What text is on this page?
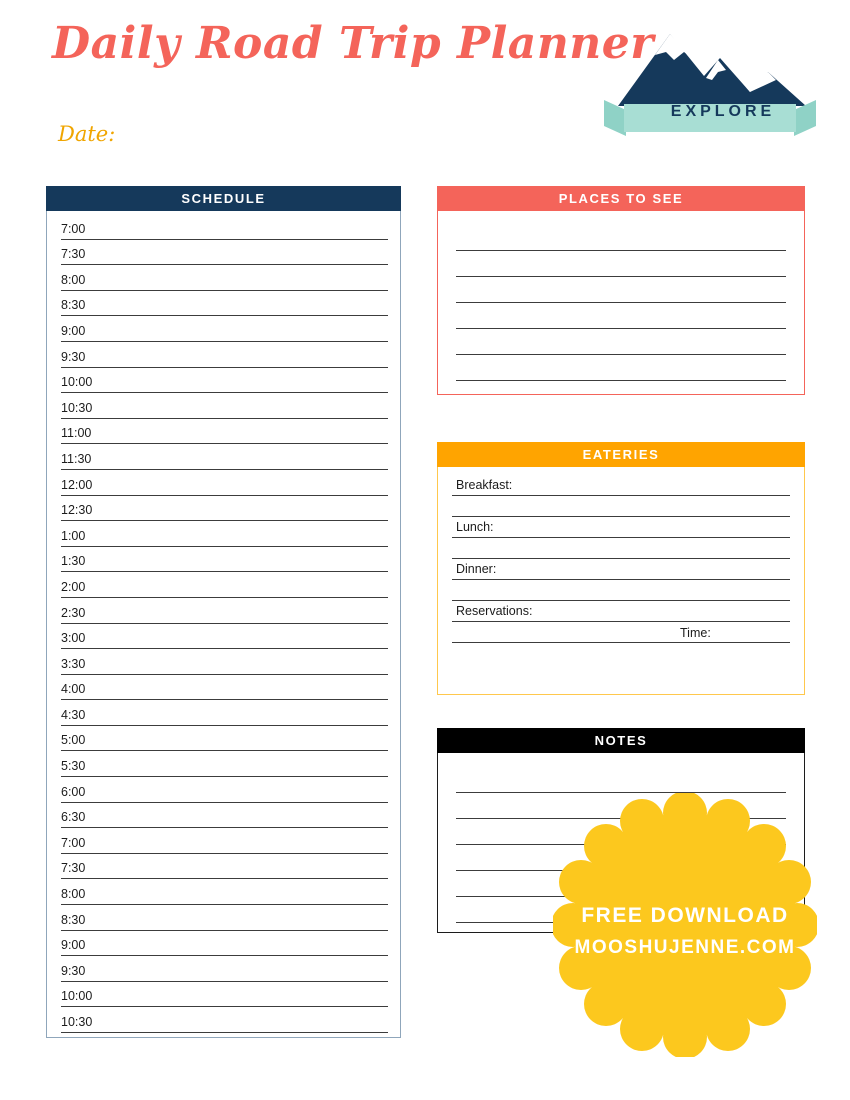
Daily Road Trip Planner
Date:
EXPLORE
SCHEDULE
7:00
7:30
8:00
8:30
9:00
9:30
10:00
10:30
11:00
11:30
12:00
12:30
1:00
1:30
2:00
2:30
3:00
3:30
4:00
4:30
5:00
5:30
6:00
6:30
7:00
7:30
8:00
8:30
9:00
9:30
10:00
10:30
PLACES TO SEE
EATERIES
Breakfast:
Lunch:
Dinner:
Reservations:
Time:
NOTES
FREE DOWNLOAD
MOOSHUJENNE.COM
